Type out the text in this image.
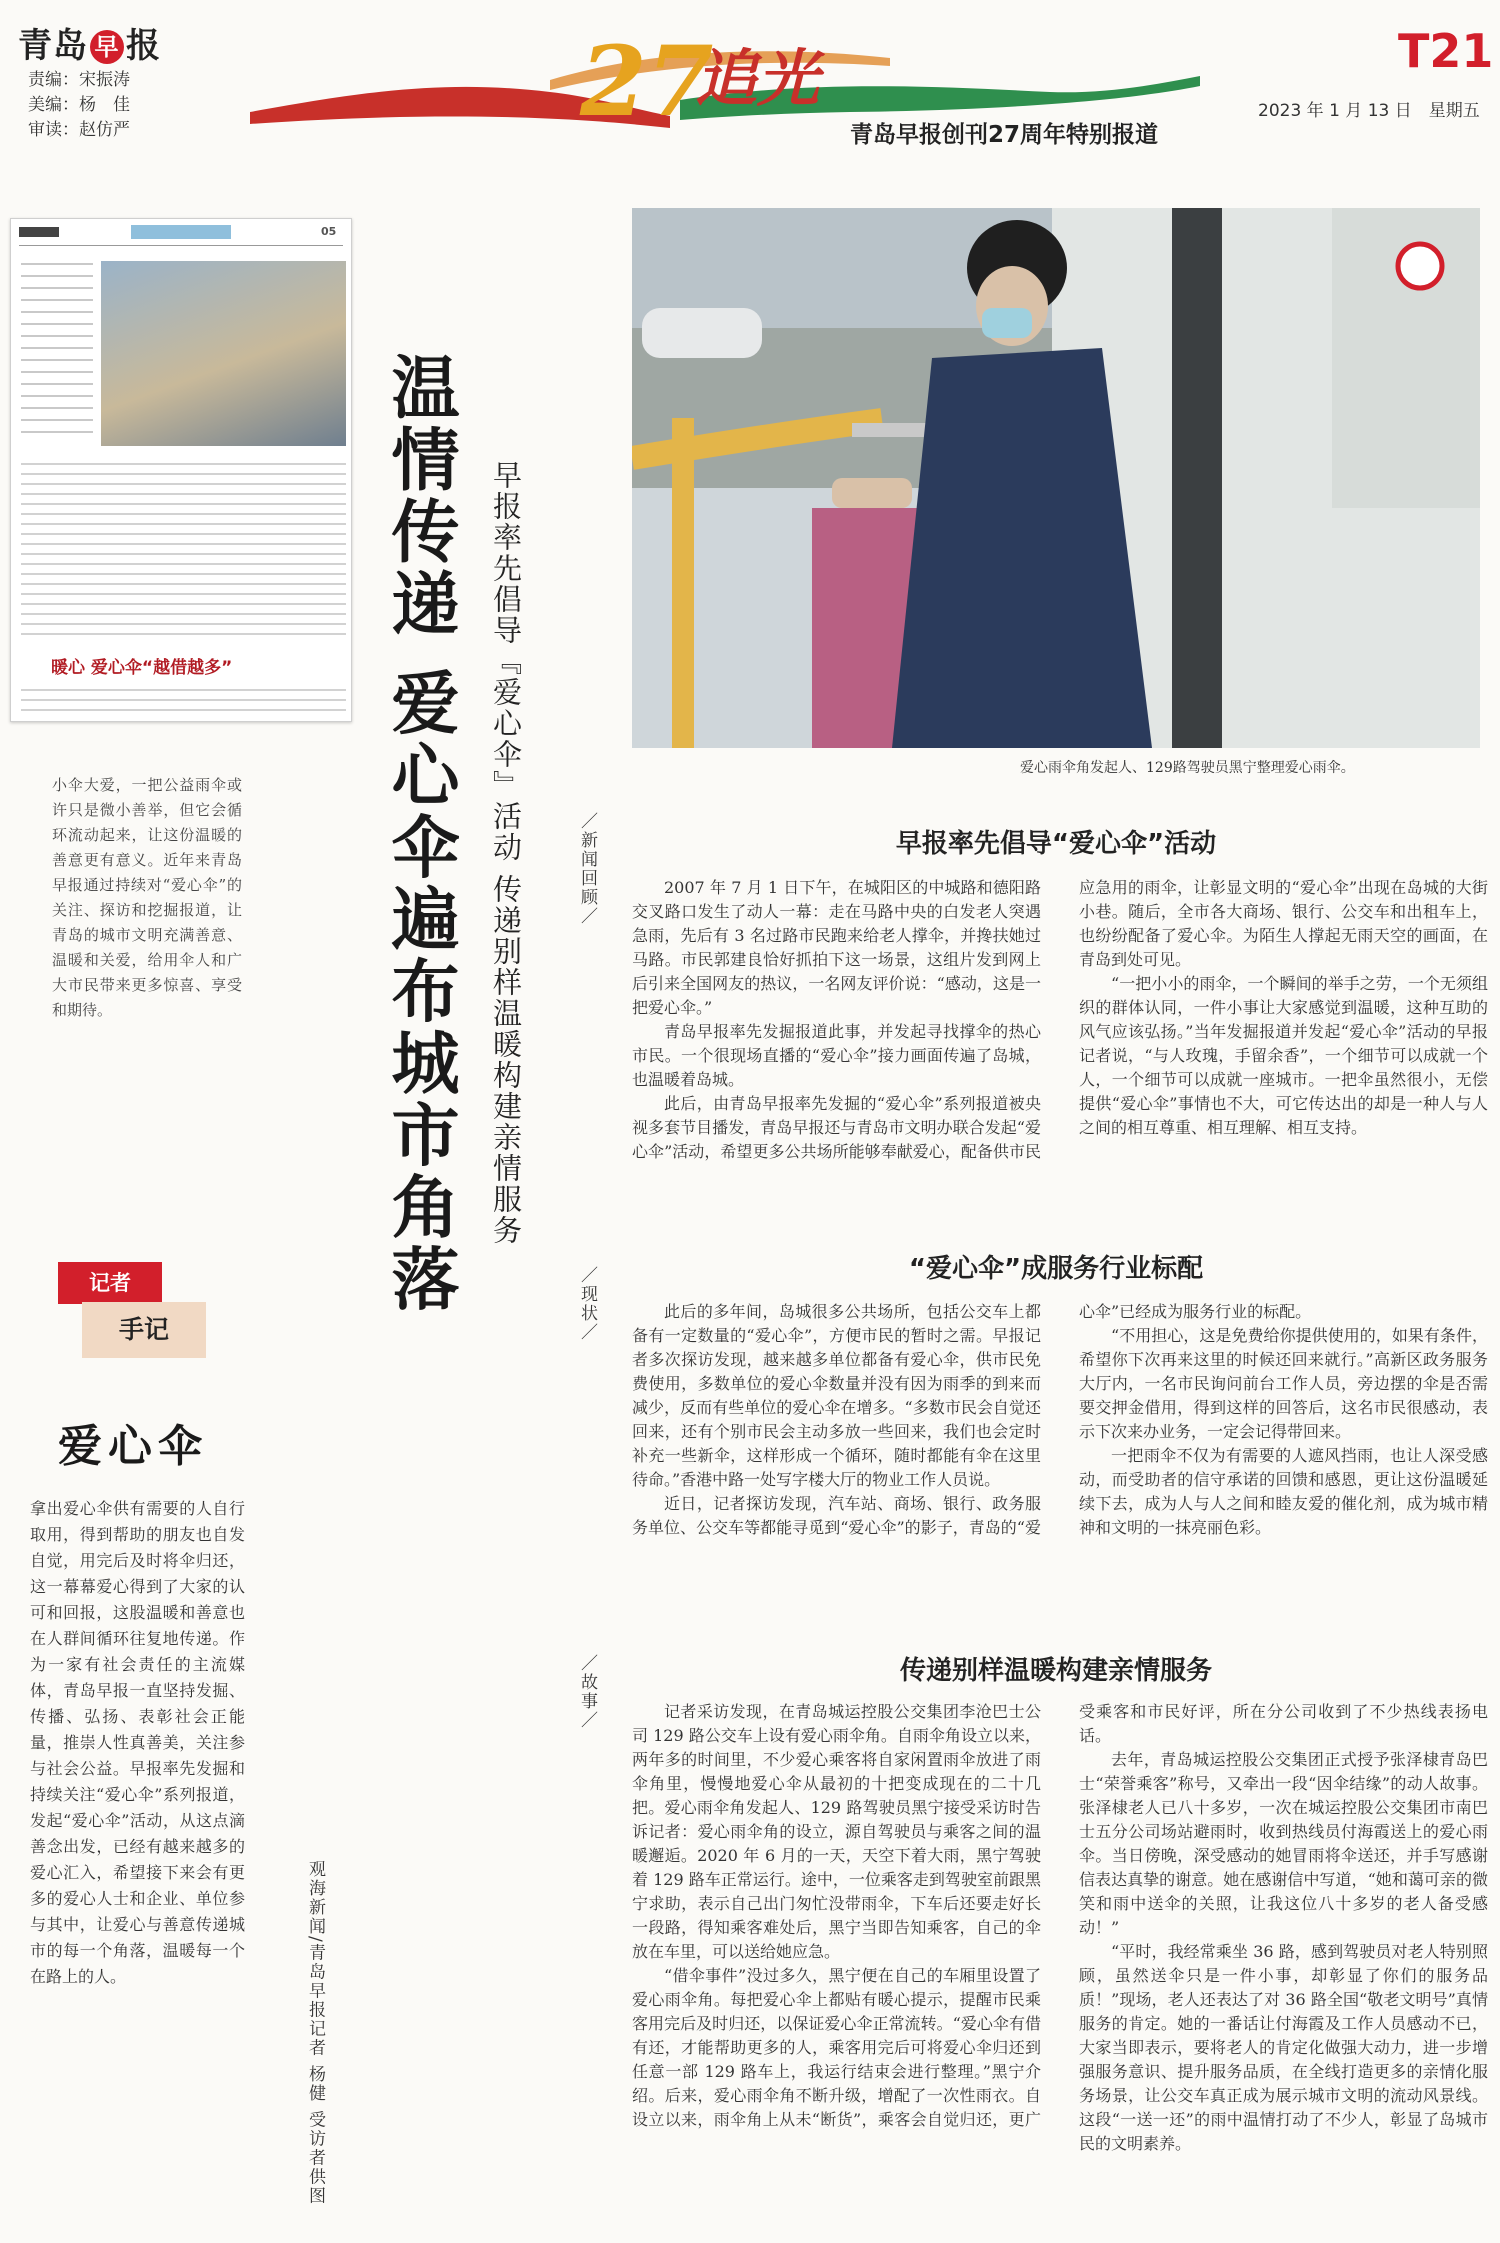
青岛 早 报
责编：宋振涛
美编：杨　佳
审读：赵仿严	27
追光
青岛早报创刊27周年特别报道
T21
2023 年 1 月 13 日　星期五
05
暖心 爱心伞“越借越多”
小伞大爱，一把公益雨伞或许只是微小善举，但它会循环流动起来，让这份温暖的善意更有意义。近年来青岛早报通过持续对“爱心伞”的关注、探访和挖掘报道，让青岛的城市文明充满善意、温暖和关爱，给用伞人和广大市民带来更多惊喜、享受和期待。
记者
手记
爱心伞
拿出爱心伞供有需要的人自行取用，得到帮助的朋友也自发自觉，用完后及时将伞归还，这一幕幕爱心得到了大家的认可和回报，这股温暖和善意也在人群间循环往复地传递。作为一家有社会责任的主流媒体，青岛早报一直坚持发掘、传播、弘扬、表彰社会正能量，推崇人性真善美，关注参与社会公益。早报率先发掘和持续关注“爱心伞”系列报道，发起“爱心伞”活动，从这点滴善念出发，已经有越来越多的爱心汇入，希望接下来会有更多的爱心人士和企业、单位参与其中，让爱心与善意传递城市的每一个角落，温暖每一个在路上的人。	观海新闻/青岛早报记者 杨健 受访者供图
温情传递 爱心伞遍布城市角落 早报率先倡导『爱心伞』活动 传递别样温暖构建亲情服务	爱心雨伞角发起人、129路驾驶员黑宁整理爱心雨伞。
／新闻回顾／
早报率先倡导“爱心伞”活动

2007 年 7 月 1 日下午，在城阳区的中城路和德阳路交叉路口发生了动人一幕：走在马路中央的白发老人突遇急雨，先后有 3 名过路市民跑来给老人撑伞，并搀扶她过马路。市民郭建良恰好抓拍下这一场景，这组片发到网上后引来全国网友的热议，一名网友评价说：“感动，这是一把爱心伞。”

青岛早报率先发掘报道此事，并发起寻找撑伞的热心市民。一个很现场直播的“爱心伞”接力画面传遍了岛城，也温暖着岛城。

此后，由青岛早报率先发掘的“爱心伞”系列报道被央视多套节目播发，青岛早报还与青岛市文明办联合发起“爱心伞”活动，希望更多公共场所能够奉献爱心，配备供市民应急用的雨伞，让彰显文明的“爱心伞”出现在岛城的大街小巷。随后，全市各大商场、银行、公交车和出租车上，也纷纷配备了爱心伞。为陌生人撑起无雨天空的画面，在青岛到处可见。

“一把小小的雨伞，一个瞬间的举手之劳，一个无须组织的群体认同，一件小事让大家感觉到温暖，这种互助的风气应该弘扬。”当年发掘报道并发起“爱心伞”活动的早报记者说，“与人玫瑰，手留余香”，一个细节可以成就一个人，一个细节可以成就一座城市。一把伞虽然很小，无偿提供“爱心伞”事情也不大，可它传达出的却是一种人与人之间的相互尊重、相互理解、相互支持。

／现状／
“爱心伞”成服务行业标配

此后的多年间，岛城很多公共场所，包括公交车上都备有一定数量的“爱心伞”，方便市民的暂时之需。早报记者多次探访发现，越来越多单位都备有爱心伞，供市民免费使用，多数单位的爱心伞数量并没有因为雨季的到来而减少，反而有些单位的爱心伞在增多。“多数市民会自觉还回来，还有个别市民会主动多放一些回来，我们也会定时补充一些新伞，这样形成一个循环，随时都能有伞在这里待命。”香港中路一处写字楼大厅的物业工作人员说。

近日，记者探访发现，汽车站、商场、银行、政务服务单位、公交车等都能寻觅到“爱心伞”的影子，青岛的“爱心伞”已经成为服务行业的标配。

“不用担心，这是免费给你提供使用的，如果有条件，希望你下次再来这里的时候还回来就行。”高新区政务服务大厅内，一名市民询问前台工作人员，旁边摆的伞是否需要交押金借用，得到这样的回答后，这名市民很感动，表示下次来办业务，一定会记得带回来。

一把雨伞不仅为有需要的人遮风挡雨，也让人深受感动，而受助者的信守承诺的回馈和感恩，更让这份温暖延续下去，成为人与人之间和睦友爱的催化剂，成为城市精神和文明的一抹亮丽色彩。

／故事／
传递别样温暖构建亲情服务

记者采访发现，在青岛城运控股公交集团李沧巴士公司 129 路公交车上设有爱心雨伞角。自雨伞角设立以来，两年多的时间里，不少爱心乘客将自家闲置雨伞放进了雨伞角里，慢慢地爱心伞从最初的十把变成现在的二十几把。爱心雨伞角发起人、129 路驾驶员黑宁接受采访时告诉记者：爱心雨伞角的设立，源自驾驶员与乘客之间的温暖邂逅。2020 年 6 月的一天，天空下着大雨，黑宁驾驶着 129 路车正常运行。途中，一位乘客走到驾驶室前跟黑宁求助，表示自己出门匆忙没带雨伞，下车后还要走好长一段路，得知乘客难处后，黑宁当即告知乘客，自己的伞放在车里，可以送给她应急。

“借伞事件”没过多久，黑宁便在自己的车厢里设置了爱心雨伞角。每把爱心伞上都贴有暖心提示，提醒市民乘客用完后及时归还，以保证爱心伞正常流转。“爱心伞有借有还，才能帮助更多的人，乘客用完后可将爱心伞归还到任意一部 129 路车上，我运行结束会进行整理。”黑宁介绍。后来，爱心雨伞角不断升级，增配了一次性雨衣。自设立以来，雨伞角上从未“断货”，乘客会自觉归还，更广受乘客和市民好评，所在分公司收到了不少热线表扬电话。

去年，青岛城运控股公交集团正式授予张泽棣青岛巴士“荣誉乘客”称号，又牵出一段“因伞结缘”的动人故事。张泽棣老人已八十多岁，一次在城运控股公交集团市南巴士五分公司场站避雨时，收到热线员付海霞送上的爱心雨伞。当日傍晚，深受感动的她冒雨将伞送还，并手写感谢信表达真挚的谢意。她在感谢信中写道，“她和蔼可亲的微笑和雨中送伞的关照，让我这位八十多岁的老人备受感动！”

“平时，我经常乘坐 36 路，感到驾驶员对老人特别照顾，虽然送伞只是一件小事，却彰显了你们的服务品质！”现场，老人还表达了对 36 路全国“敬老文明号”真情服务的肯定。她的一番话让付海霞及工作人员感动不已，大家当即表示，要将老人的肯定化做强大动力，进一步增强服务意识、提升服务品质，在全线打造更多的亲情化服务场景，让公交车真正成为展示城市文明的流动风景线。这段“一送一还”的雨中温情打动了不少人，彰显了岛城市民的文明素养。
